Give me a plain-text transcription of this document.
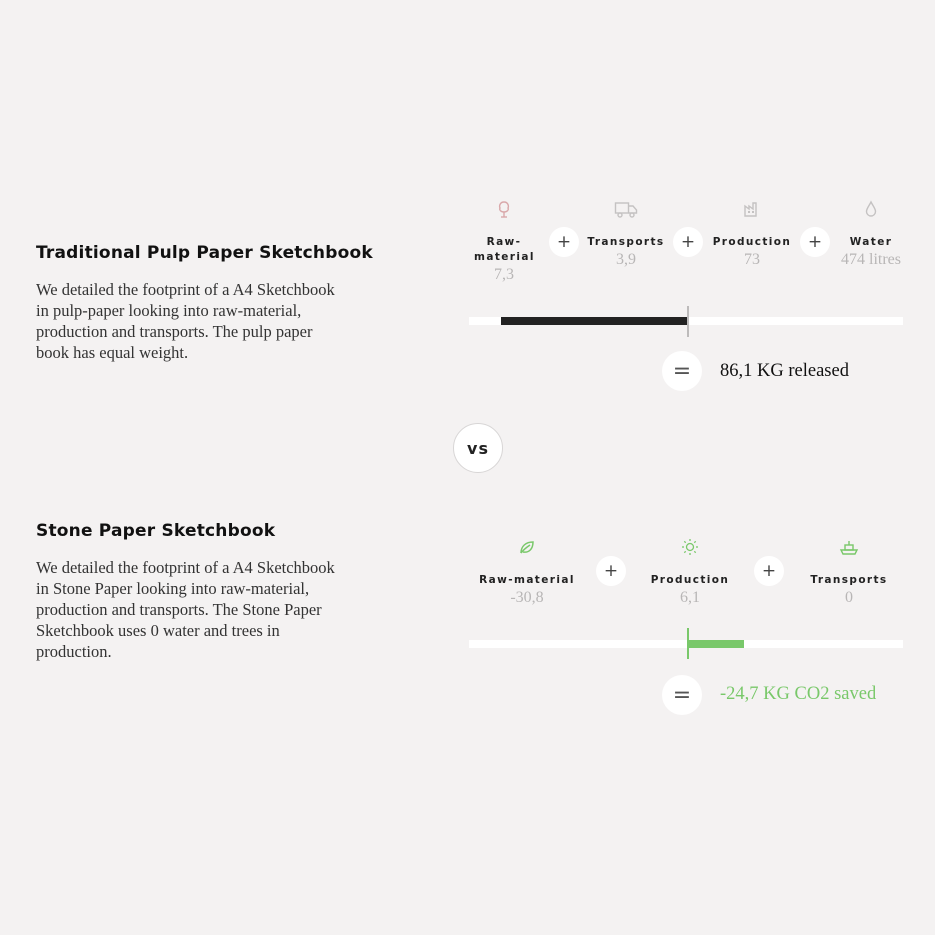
Traditional Pulp Paper Sketchbook

We detailed the footprint of a A4 Sketchbook in pulp-paper looking into raw-material, production and transports. The pulp paper book has equal weight.

Raw-material
7,3
+	Transports
3,9
+	Production
73
+	Water
474 litres
=	86,1 KG released
vs
Stone Paper Sketchbook

We detailed the footprint of a A4 Sketchbook in Stone Paper looking into raw-material, production and transports. The Stone Paper Sketchbook uses 0 water and trees in production.

Raw-material
-30,8
+	Production
6,1
+	Transports
0
=	-24,7 KG CO2 saved
